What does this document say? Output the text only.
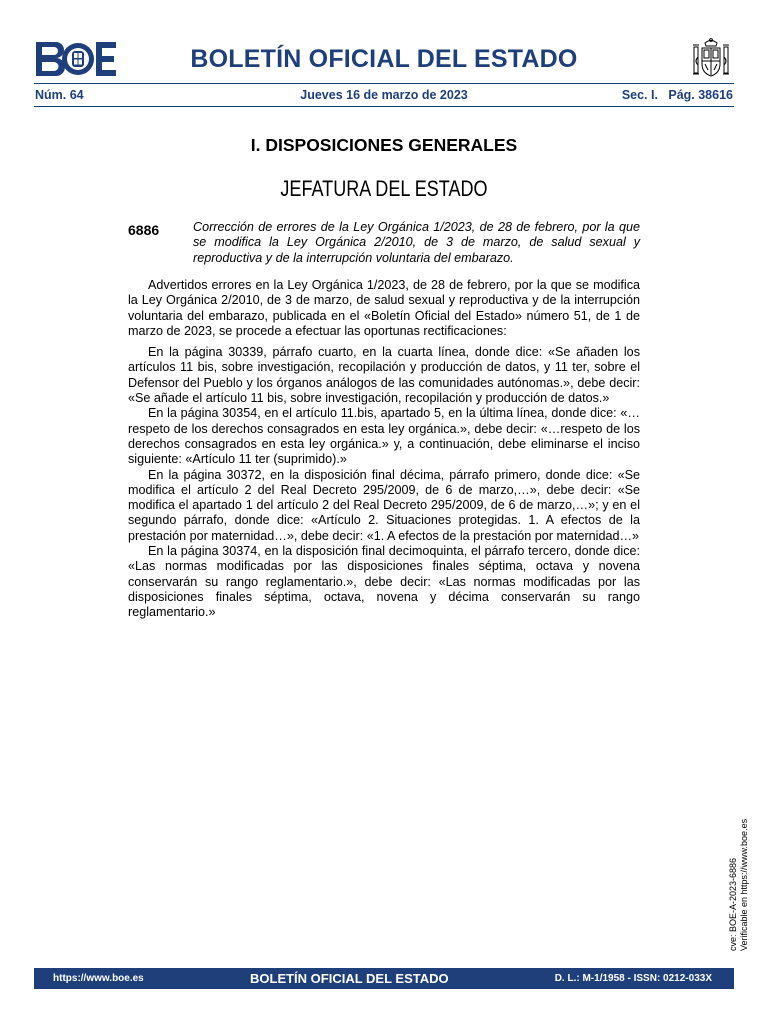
BOLETÍN OFICIAL DEL ESTADO
Núm. 64	Jueves 16 de marzo de 2023	Sec. I.   Pág. 38616
I. DISPOSICIONES GENERALES
JEFATURA DEL ESTADO
6886	Corrección de errores de la Ley Orgánica 1/2023, de 28 de febrero, por la que se modifica la Ley Orgánica 2/2010, de 3 de marzo, de salud sexual y reproductiva y de la interrupción voluntaria del embarazo.

Advertidos errores en la Ley Orgánica 1/2023, de 28 de febrero, por la que se modifica la Ley Orgánica 2/2010, de 3 de marzo, de salud sexual y reproductiva y de la interrupción voluntaria del embarazo, publicada en el «Boletín Oficial del Estado» número 51, de 1 de marzo de 2023, se procede a efectuar las oportunas rectificaciones:

En la página 30339, párrafo cuarto, en la cuarta línea, donde dice: «Se añaden los artículos 11 bis, sobre investigación, recopilación y producción de datos, y 11 ter, sobre el Defensor del Pueblo y los órganos análogos de las comunidades autónomas.», debe decir: «Se añade el artículo 11 bis, sobre investigación, recopilación y producción de datos.»

En la página 30354, en el artículo 11.bis, apartado 5, en la última línea, donde dice: «…respeto de los derechos consagrados en esta ley orgánica.», debe decir: «…respeto de los derechos consagrados en esta ley orgánica.» y, a continuación, debe eliminarse el inciso siguiente: «Artículo 11 ter (suprimido).»

En la página 30372, en la disposición final décima, párrafo primero, donde dice: «Se modifica el artículo 2 del Real Decreto 295/2009, de 6 de marzo,…», debe decir: «Se modifica el apartado 1 del artículo 2 del Real Decreto 295/2009, de 6 de marzo,…»; y en el segundo párrafo, donde dice: «Artículo 2. Situaciones protegidas. 1. A efectos de la prestación por maternidad…», debe decir: «1. A efectos de la prestación por maternidad…»

En la página 30374, en la disposición final decimoquinta, el párrafo tercero, donde dice: «Las normas modificadas por las disposiciones finales séptima, octava y novena conservarán su rango reglamentario.», debe decir: «Las normas modificadas por las disposiciones finales séptima, octava, novena y décima conservarán su rango reglamentario.»

cve: BOE-A-2023-6886 Verificable en https://www.boe.es
https://www.boe.es	BOLETÍN OFICIAL DEL ESTADO	D. L.: M-1/1958 - ISSN: 0212-033X
